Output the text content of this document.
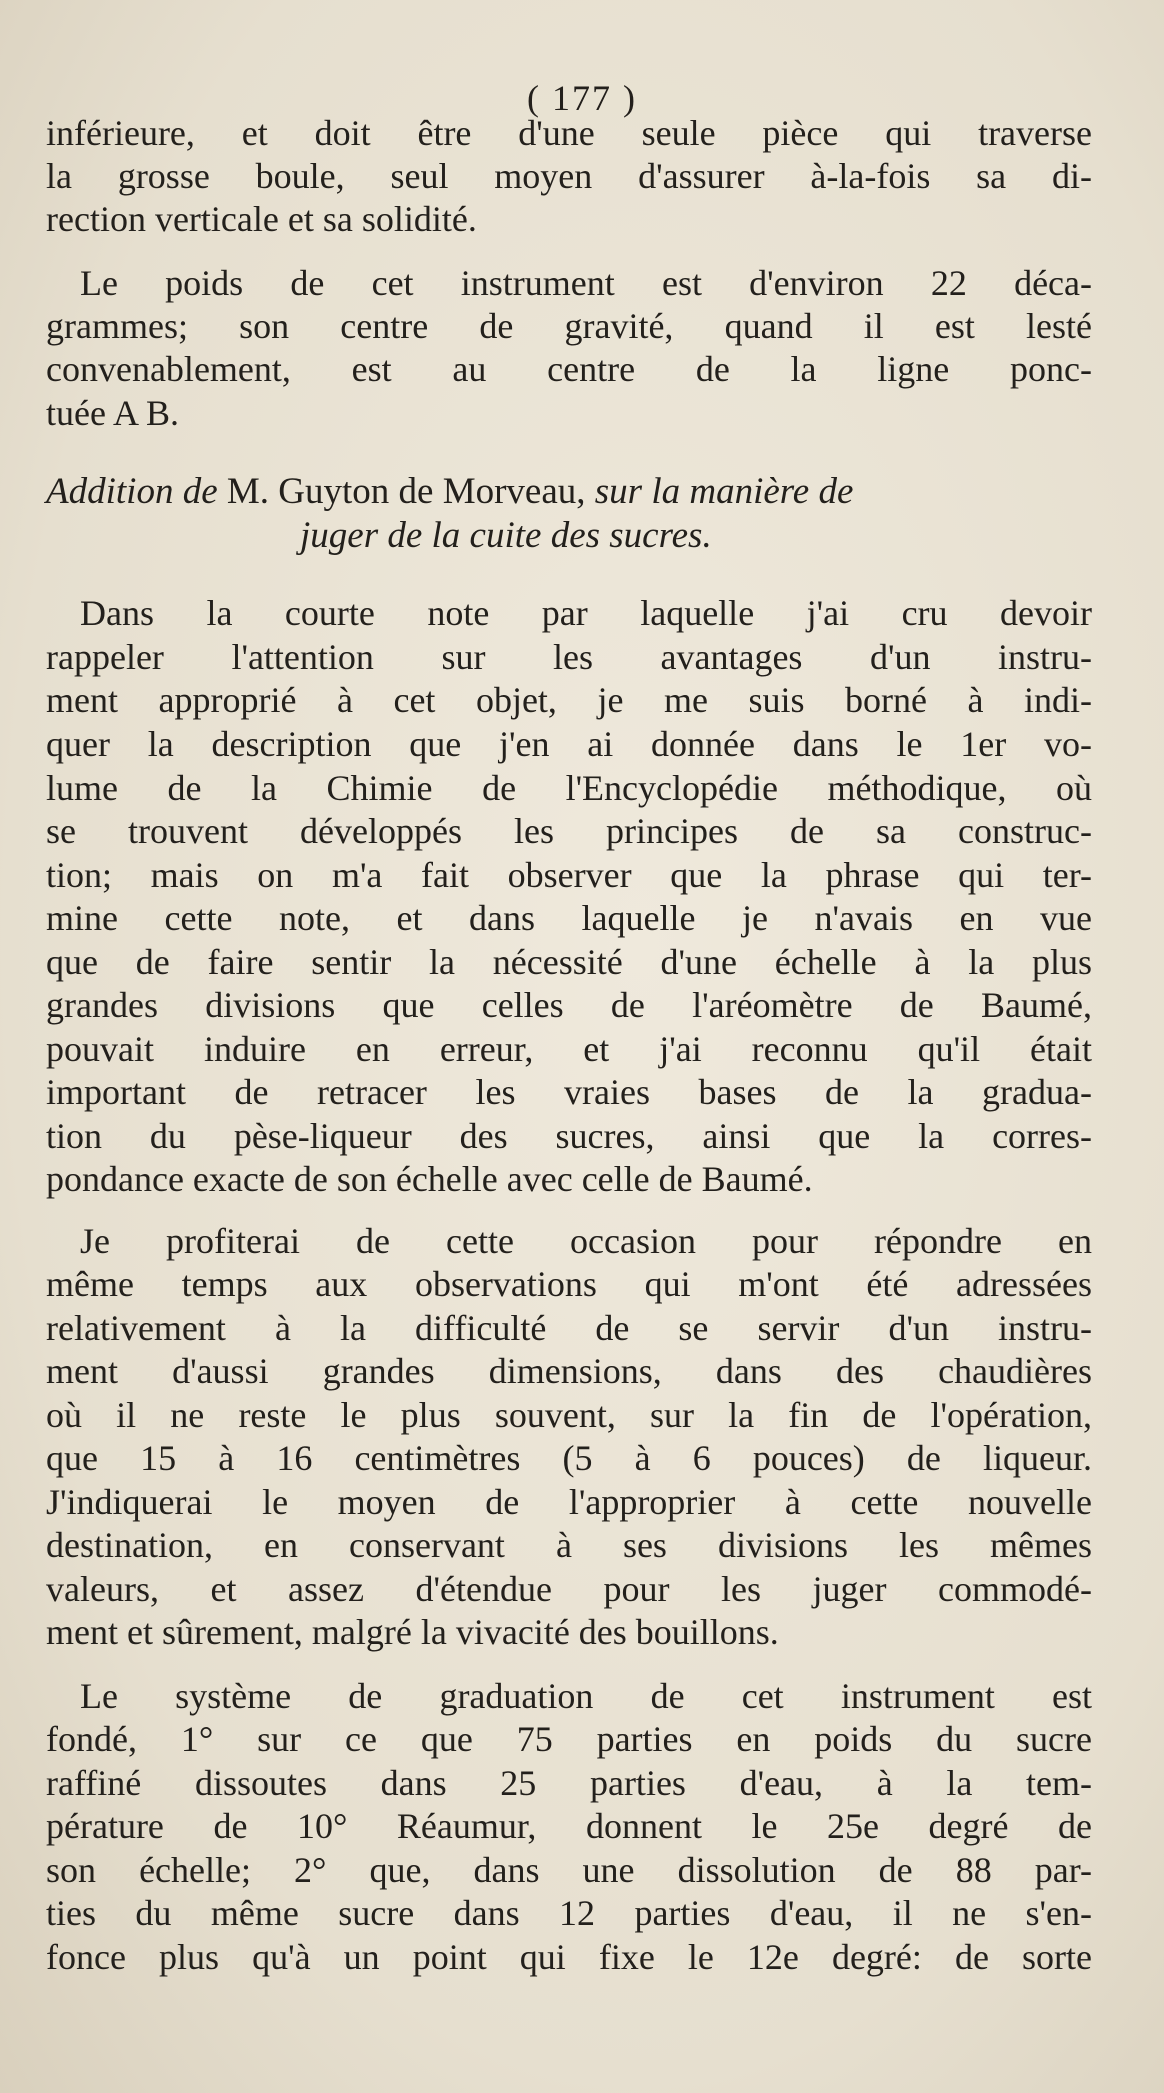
( 177 )
inférieure, et doit être d'une seule pièce qui traverse
la grosse boule, seul moyen d'assurer à-la-fois sa di-
rection verticale et sa solidité.
Le poids de cet instrument est d'environ 22 déca-
grammes; son centre de gravité, quand il est lesté
convenablement, est au centre de la ligne ponc-
tuée A B.
Addition de M. Guyton de Morveau, sur la manière de
juger de la cuite des sucres.
Dans la courte note par laquelle j'ai cru devoir
rappeler l'attention sur les avantages d'un instru-
ment approprié à cet objet, je me suis borné à indi-
quer la description que j'en ai donnée dans le 1er vo-
lume de la Chimie de l'Encyclopédie méthodique, où
se trouvent développés les principes de sa construc-
tion; mais on m'a fait observer que la phrase qui ter-
mine cette note, et dans laquelle je n'avais en vue
que de faire sentir la nécessité d'une échelle à la plus
grandes divisions que celles de l'aréomètre de Baumé,
pouvait induire en erreur, et j'ai reconnu qu'il était
important de retracer les vraies bases de la gradua-
tion du pèse-liqueur des sucres, ainsi que la corres-
pondance exacte de son échelle avec celle de Baumé.
Je profiterai de cette occasion pour répondre en
même temps aux observations qui m'ont été adressées
relativement à la difficulté de se servir d'un instru-
ment d'aussi grandes dimensions, dans des chaudières
où il ne reste le plus souvent, sur la fin de l'opération,
que 15 à 16 centimètres (5 à 6 pouces) de liqueur.
J'indiquerai le moyen de l'approprier à cette nouvelle
destination, en conservant à ses divisions les mêmes
valeurs, et assez d'étendue pour les juger commodé-
ment et sûrement, malgré la vivacité des bouillons.
Le système de graduation de cet instrument est
fondé, 1° sur ce que 75 parties en poids du sucre
raffiné dissoutes dans 25 parties d'eau, à la tem-
pérature de 10° Réaumur, donnent le 25e degré de
son échelle; 2° que, dans une dissolution de 88 par-
ties du même sucre dans 12 parties d'eau, il ne s'en-
fonce plus qu'à un point qui fixe le 12e degré: de sorte
